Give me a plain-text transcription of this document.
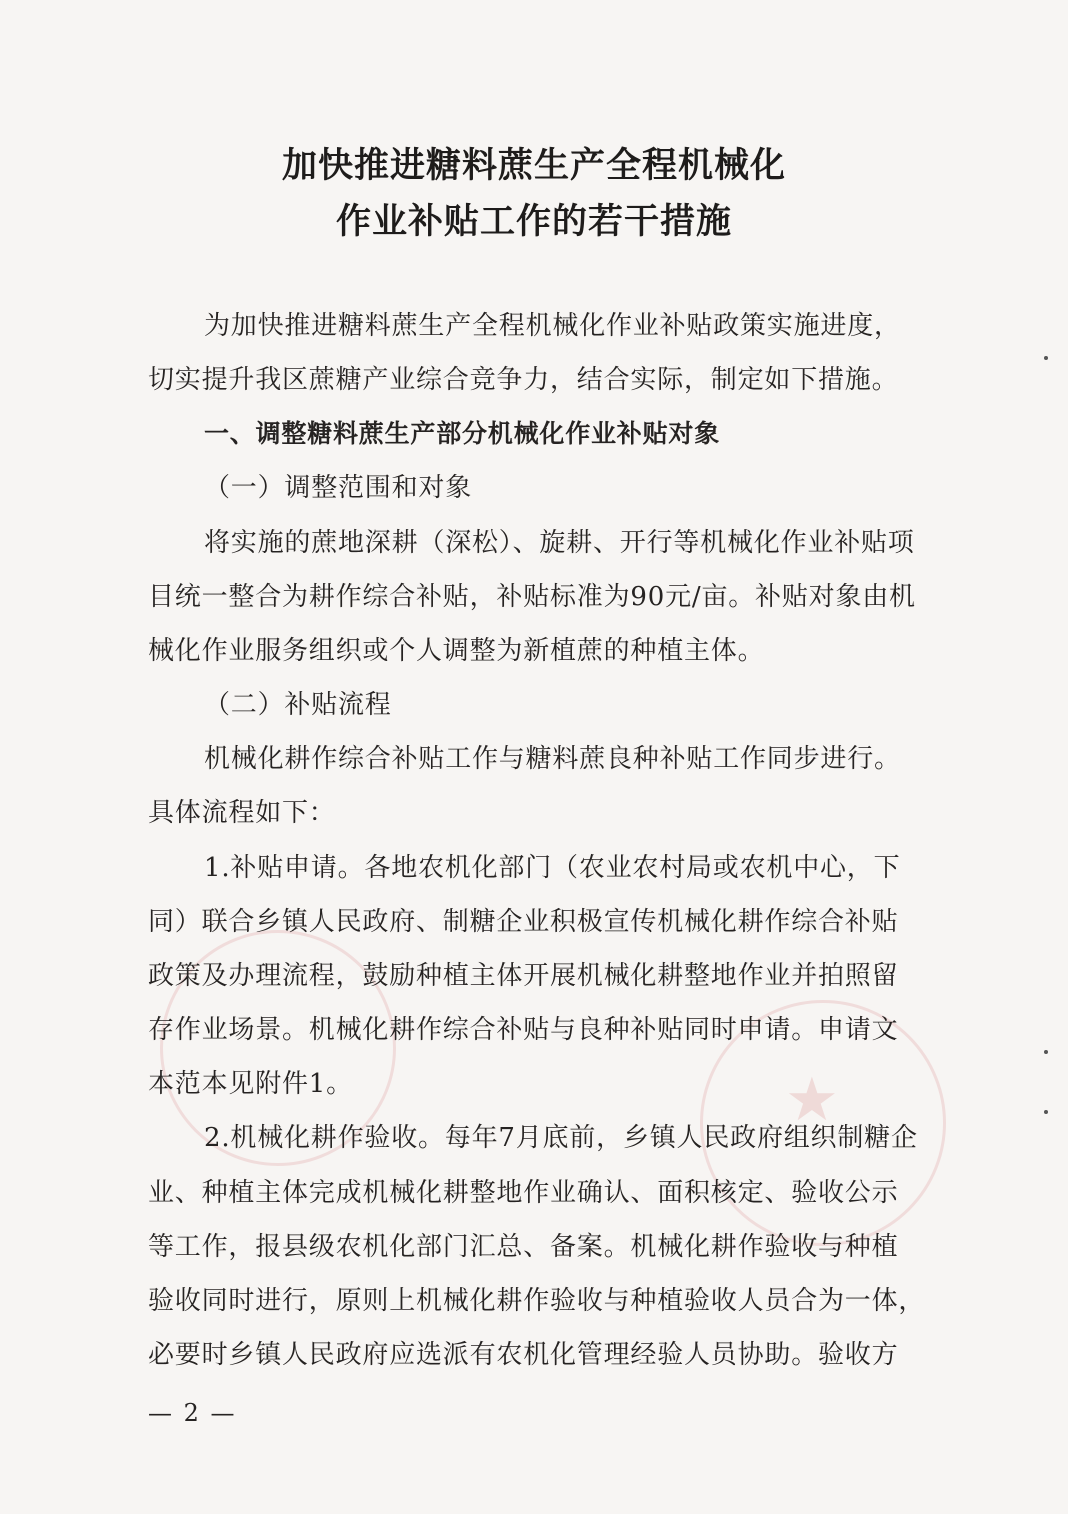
★
加快推进糖料蔗生产全程机械化
作业补贴工作的若干措施
为加快推进糖料蔗生产全程机械化作业补贴政策实施进度，
切实提升我区蔗糖产业综合竞争力，结合实际，制定如下措施。
一、调整糖料蔗生产部分机械化作业补贴对象
（一）调整范围和对象
将实施的蔗地深耕（深松）、旋耕、开行等机械化作业补贴项
目统一整合为耕作综合补贴，补贴标准为90元/亩。补贴对象由机
械化作业服务组织或个人调整为新植蔗的种植主体。
（二）补贴流程
机械化耕作综合补贴工作与糖料蔗良种补贴工作同步进行。
具体流程如下：
1.补贴申请。各地农机化部门（农业农村局或农机中心，下
同）联合乡镇人民政府、制糖企业积极宣传机械化耕作综合补贴
政策及办理流程，鼓励种植主体开展机械化耕整地作业并拍照留
存作业场景。机械化耕作综合补贴与良种补贴同时申请。申请文
本范本见附件1。
2.机械化耕作验收。每年7月底前，乡镇人民政府组织制糖企
业、种植主体完成机械化耕整地作业确认、面积核定、验收公示
等工作，报县级农机化部门汇总、备案。机械化耕作验收与种植
验收同时进行，原则上机械化耕作验收与种植验收人员合为一体，
必要时乡镇人民政府应选派有农机化管理经验人员协助。验收方
— 2 —
